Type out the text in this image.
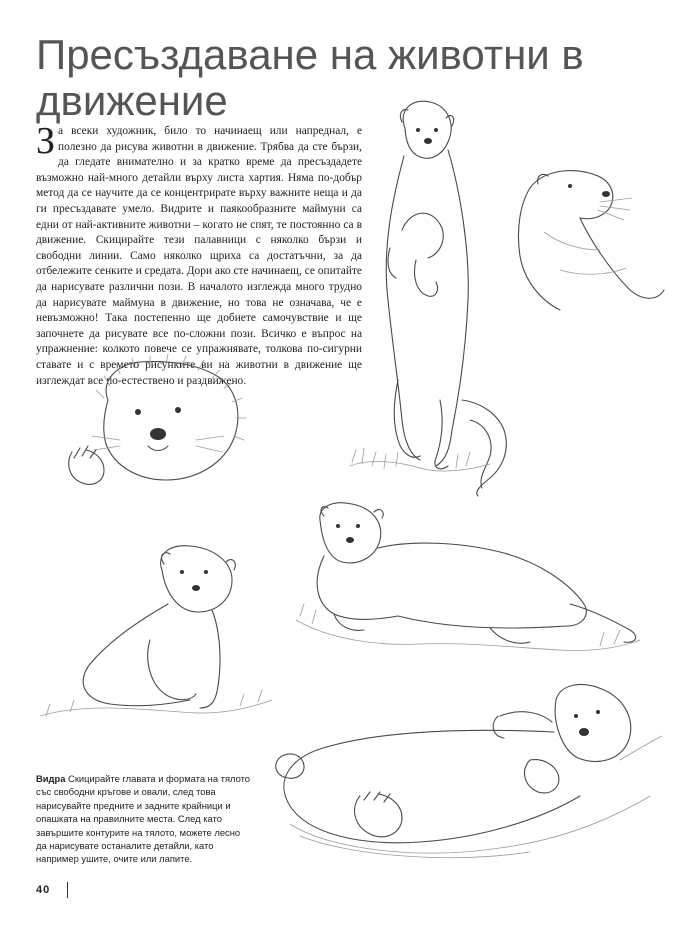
Пресъздаване на животни в движение

За всеки художник, било то начинаещ или напреднал, е полезно да рисува животни в движение. Трябва да сте бързи, да гледате внимателно и за кратко време да пресъздадете възможно най-много детайли върху листа хартия. Няма по-добър метод да се научите да се концентрирате върху важните неща и да ги пресъздавате умело. Видрите и паякообразните маймуни са едни от най-активните животни – когато не спят, те постоянно са в движение. Скицирайте тези палавници с няколко бързи и свободни линии. Само няколко щриха са достатъчни, за да отбележите сенките и средата. Дори ако сте начинаещ, се опитайте да нарисувате различни пози. В началото изглежда много трудно да нарисувате маймуна в движение, но това не означава, че е невъзможно! Така постепенно ще добиете самочувствие и ще започнете да рисувате все по-сложни пози. Всичко е въпрос на упражнение: колкото повече се упражнявате, толкова по-сигурни ставате и с времето рисунките ви на животни в движение ще изглеждат все по-естествено и раздвижено.

Видра Скицирайте главата и формата на тялото със свободни кръгове и овали, след това нарисувайте предните и задните крайници и опашката на правилните места. След като завършите контурите на тялото, можете лесно да нарисувате останалите детайли, като например ушите, очите или лапите.

40
